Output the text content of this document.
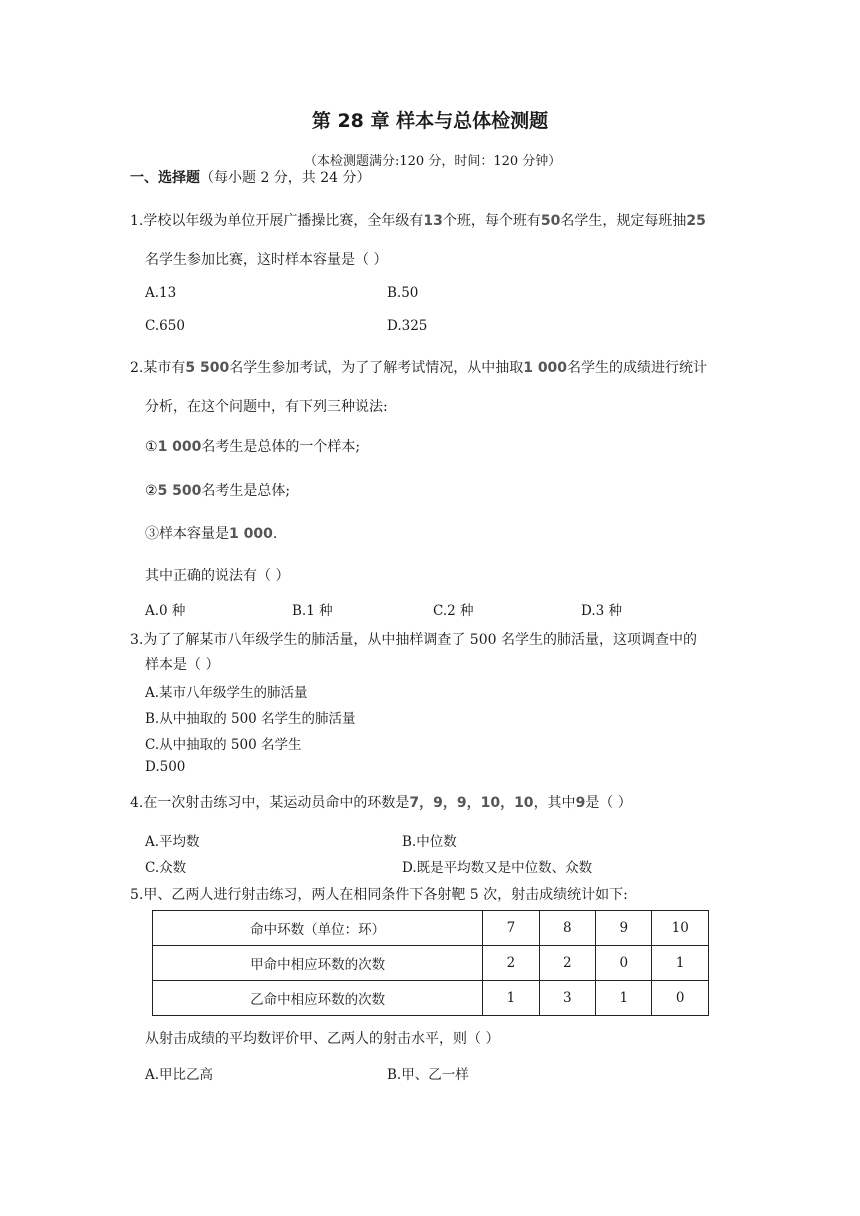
第 28 章 样本与总体检测题
（本检测题满分:120 分，时间：120 分钟）
一、选择题（每小题 2 分，共 24 分）
1.学校以年级为单位开展广播操比赛，全年级有13个班，每个班有50名学生，规定每班抽25
名学生参加比赛，这时样本容量是（ ）
A.13	B.50
C.650	D.325
2.某市有5 500名学生参加考试，为了了解考试情况，从中抽取1 000名学生的成绩进行统计
分析，在这个问题中，有下列三种说法:
①1 000名考生是总体的一个样本;
②5 500名考生是总体;
③样本容量是1 000.
其中正确的说法有（ ）
A.0 种	B.1 种	C.2 种	D.3 种
3.为了了解某市八年级学生的肺活量，从中抽样调查了 500 名学生的肺活量，这项调查中的
样本是（ ）
A.某市八年级学生的肺活量
B.从中抽取的 500 名学生的肺活量
C.从中抽取的 500 名学生
D.500
4.在一次射击练习中，某运动员命中的环数是7，9，9，10，10，其中9是（ ）
A.平均数	B.中位数
C.众数	D.既是平均数又是中位数、众数
5.甲、乙两人进行射击练习，两人在相同条件下各射靶 5 次，射击成绩统计如下:
命中环数（单位：环）	7	8	9	10
甲命中相应环数的次数	2	2	0	1
乙命中相应环数的次数	1	3	1	0
从射击成绩的平均数评价甲、乙两人的射击水平，则（ ）
A.甲比乙高	B.甲、乙一样
